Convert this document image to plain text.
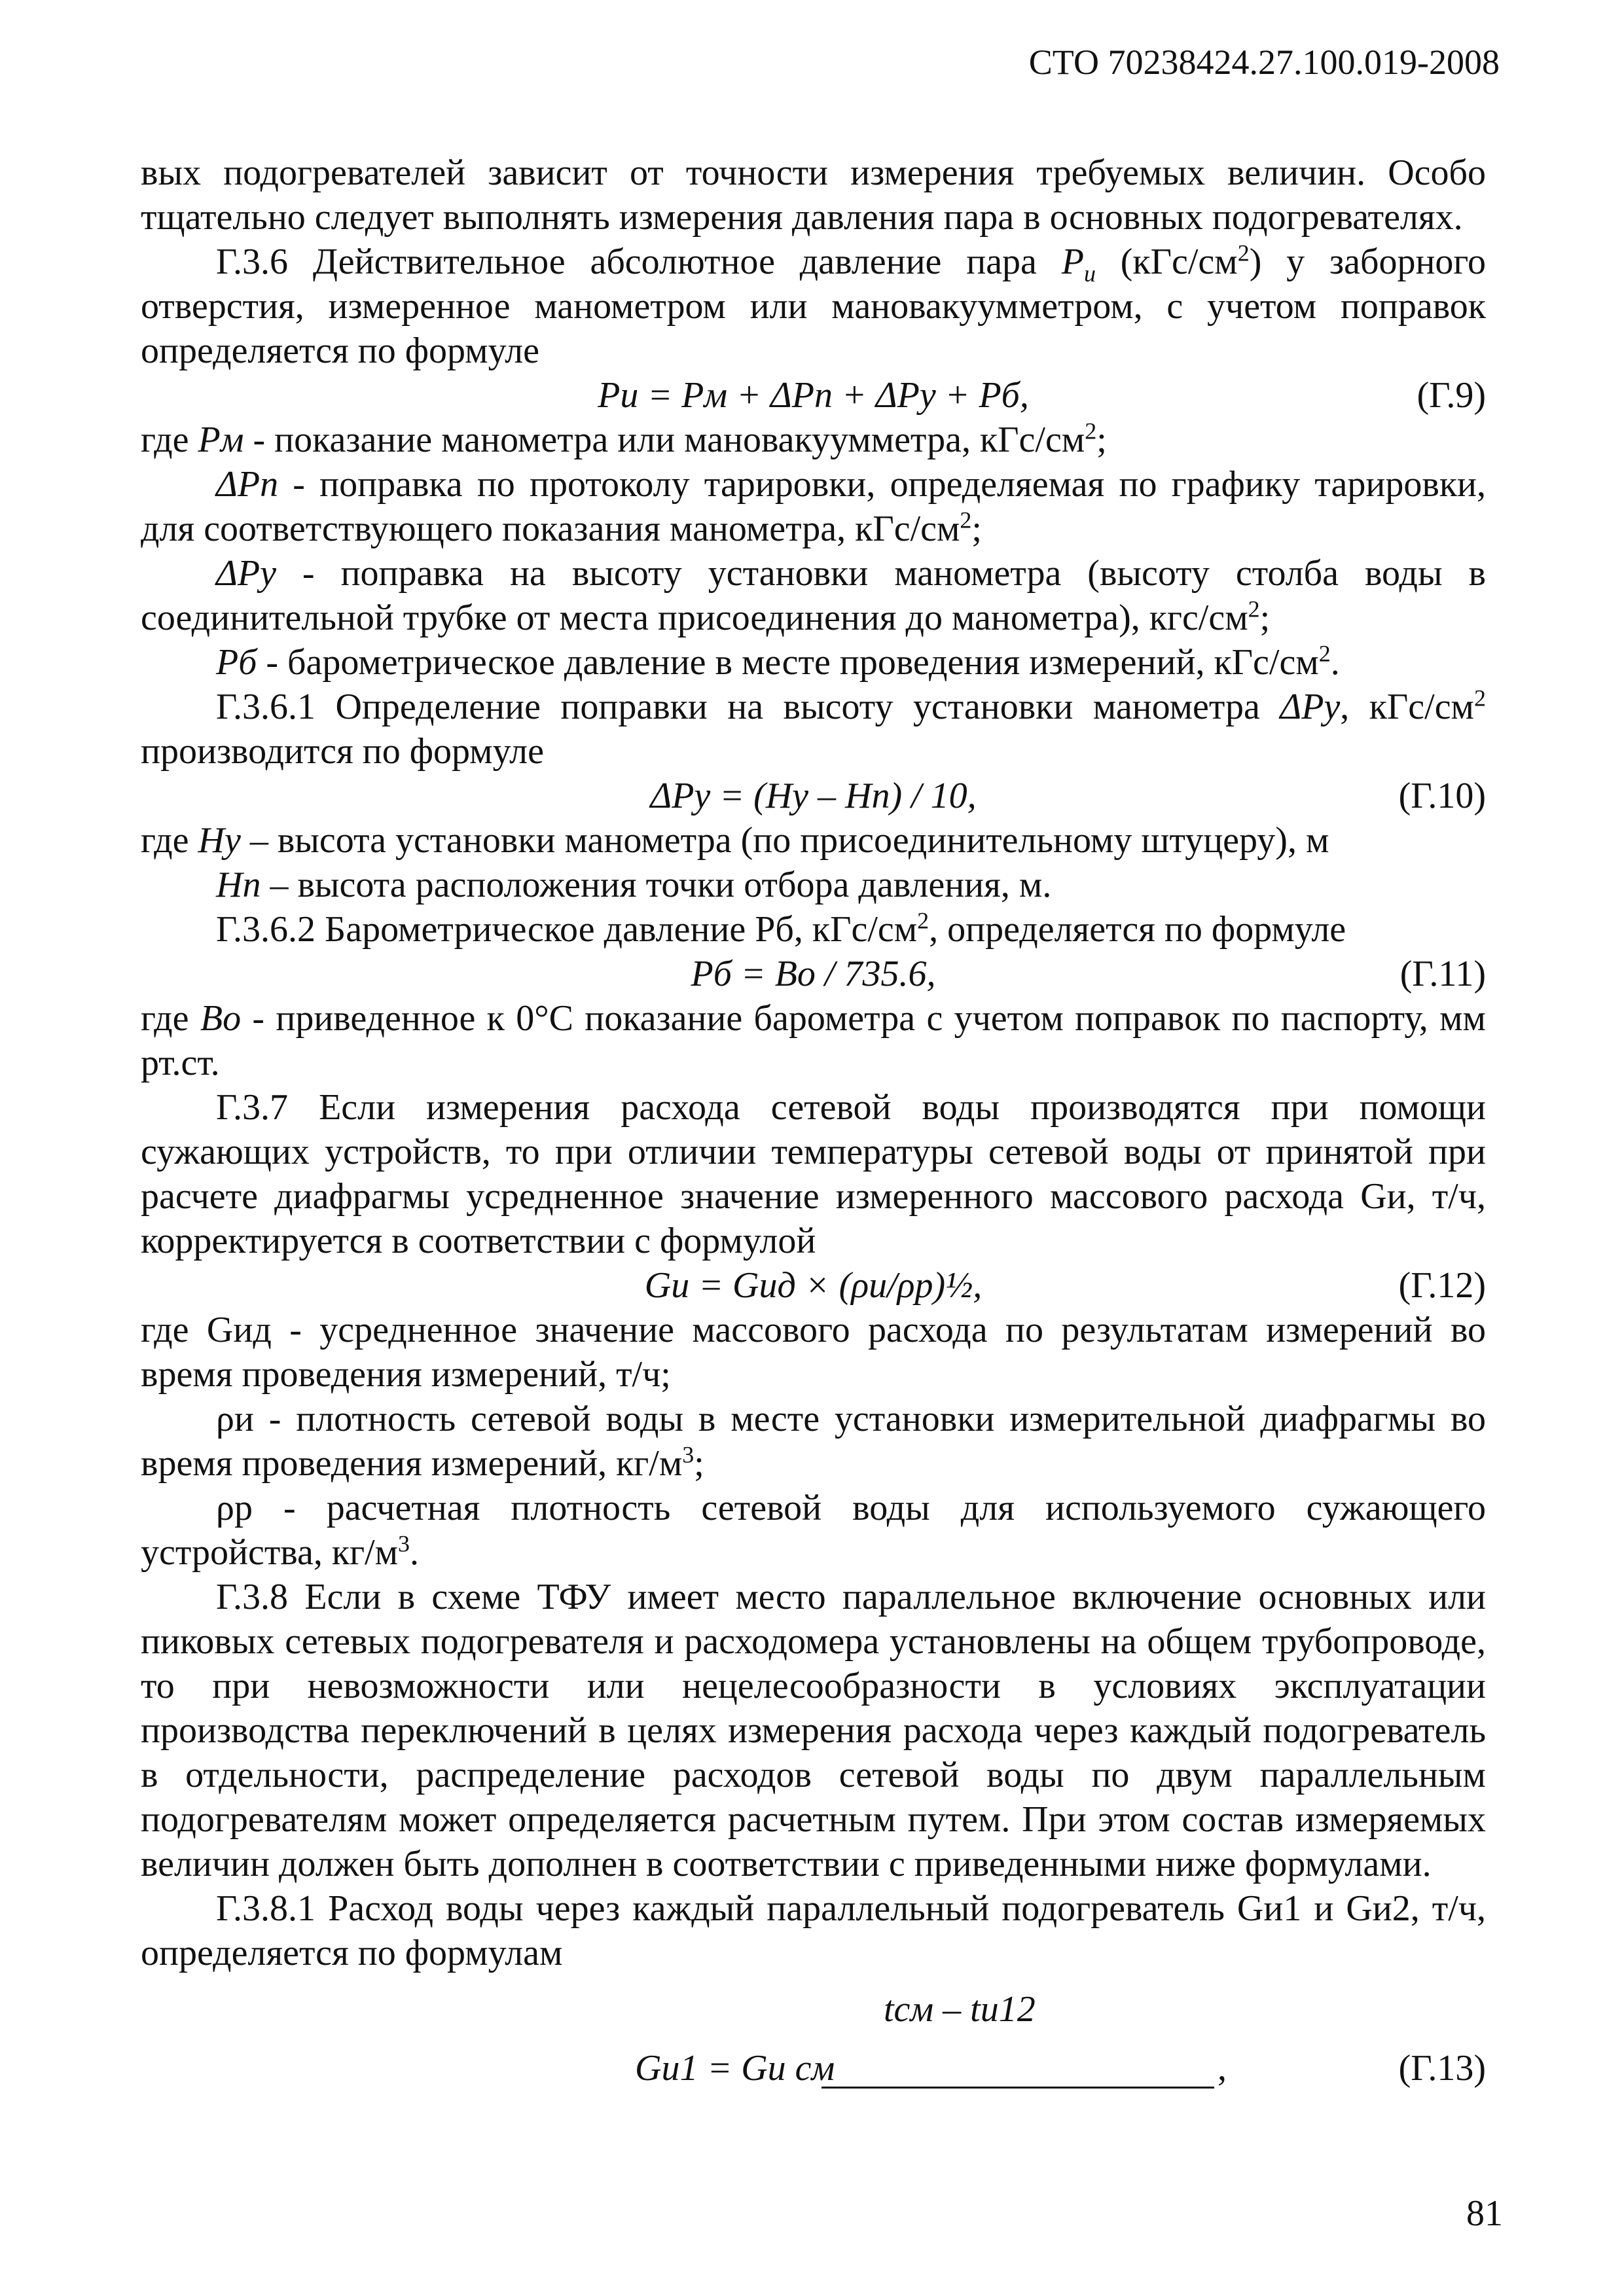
СТО 70238424.27.100.019-2008

вых подогревателей зависит от точности измерения требуемых величин. Особо тщательно следует выполнять измерения давления пара в основных подогревателях.

Г.3.6 Действительное абсолютное давление пара $P_и$ $(кГс/см^2)$ у заборного отверстия, измеренное манометром или мановакуумметром, с учетом поправок определяется по формуле

Pи = Pм + ΔPп + ΔPу + Pб,	(Г.9)

где Pм - показание манометра или мановакуумметра, кГс/$см^2$;

ΔPп - поправка по протоколу тарировки, определяемая по графику тарировки, для соответствующего показания манометра, кГс/$см^2$;

ΔPу - поправка на высоту установки манометра (высоту столба воды в соединительной трубке от места присоединения до манометра), кгс/$см^2$;

Pб - барометрическое давление в месте проведения измерений, кГс/$см^2$.

Г.3.6.1 Определение поправки на высоту установки манометра ΔPу, кГс/$см^2$ производится по формуле

ΔPу = (Hу – Hп) / 10,	(Г.10)

где Hу – высота установки манометра (по присоединительному штуцеру), м

Hп – высота расположения точки отбора давления, м.

Г.3.6.2 Барометрическое давление Pб, кГс/$см^2$, определяется по формуле

Pб = Bо / 735.6,	(Г.11)

где Bо - приведенное к 0°С показание барометра с учетом поправок по паспорту, мм рт.ст.

Г.3.7 Если измерения расхода сетевой воды производятся при помощи сужающих устройств, то при отличии температуры сетевой воды от принятой при расчете диафрагмы усредненное значение измеренного массового расхода Gи, т/ч, корректируется в соответствии с формулой

Gи = Gид × (ρи/ρр)½,	(Г.12)

где Gид - усредненное значение массового расхода по результатам измерений во время проведения измерений, т/ч;

ρи - плотность сетевой воды в месте установки измерительной диафрагмы во время проведения измерений, $кг/м^3$;

ρр - расчетная плотность сетевой воды для используемого сужающего устройства, $кг/м^3$.

Г.3.8 Если в схеме ТФУ имеет место параллельное включение основных или пиковых сетевых подогревателя и расходомера установлены на общем трубопроводе, то при невозможности или нецелесообразности в условиях эксплуатации производства переключений в целях измерения расхода через каждый подогреватель в отдельности, распределение расходов сетевой воды по двум параллельным подогревателям может определяется расчетным путем. При этом состав измеряемых величин должен быть дополнен в соответствии с приведенными ниже формулами.

Г.3.8.1 Расход воды через каждый параллельный подогреватель Gи1 и Gи2, т/ч, определяется по формулам

Gи1 = Gи см
tсм – tи12
,	(Г.13)
81
